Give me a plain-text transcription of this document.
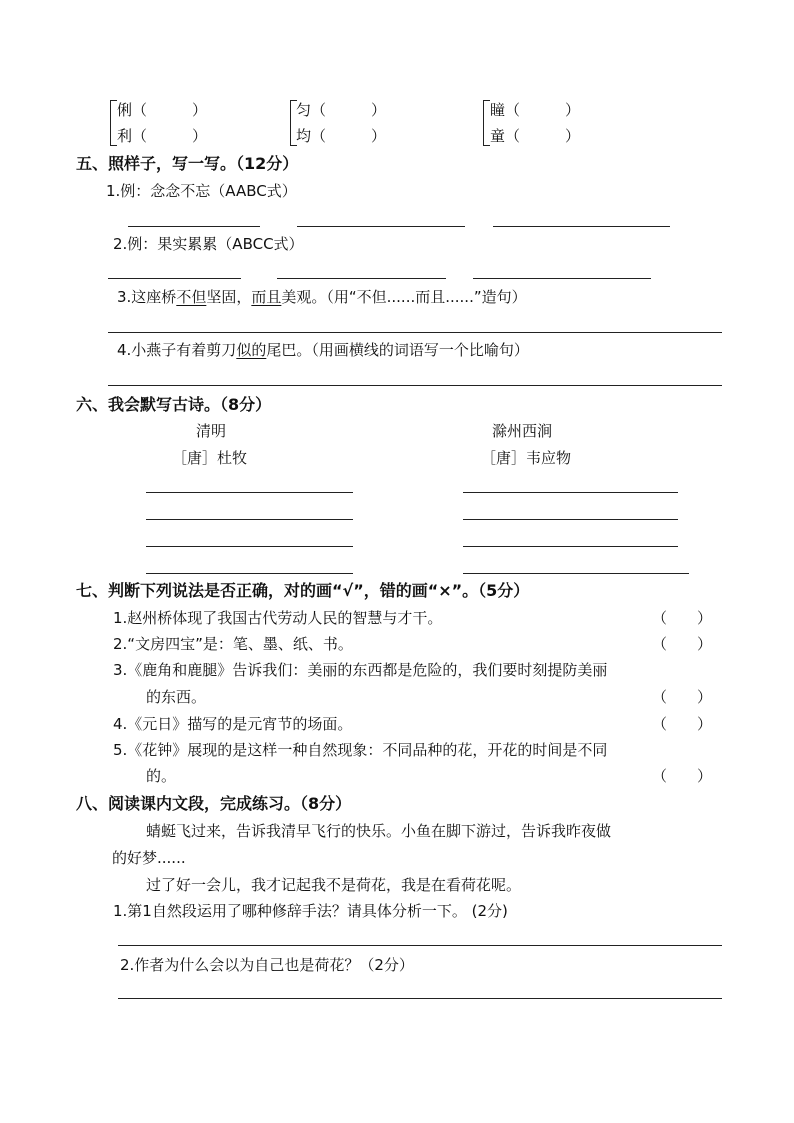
俐（　　　）
利（　　　）
匀（　　　）
均（　　　）
瞳（　　　）
童（　　　）
五、照样子，写一写。（12分）
1.例：念念不忘（AABC式）
2.例：果实累累（ABCC式）
3.这座桥不但坚固，而且美观。（用“不但......而且......”造句）
4.小燕子有着剪刀似的尾巴。（用画横线的词语写一个比喻句）
六、我会默写古诗。（8分）
清明
［唐］杜牧
滁州西涧
［唐］韦应物
七、判断下列说法是否正确，对的画“√”，错的画“×”。（5分）
1.赵州桥体现了我国古代劳动人民的智慧与才干。	（　　）
2.“文房四宝”是：笔、墨、纸、书。	（　　）
3.《鹿角和鹿腿》告诉我们：美丽的东西都是危险的，我们要时刻提防美丽
的东西。	（　　）
4.《元日》描写的是元宵节的场面。	（　　）
5.《花钟》展现的是这样一种自然现象：不同品种的花，开花的时间是不同
的。	（　　）
八、阅读课内文段，完成练习。（8分）
蜻蜓飞过来，告诉我清早飞行的快乐。小鱼在脚下游过，告诉我昨夜做
的好梦......
过了好一会儿，我才记起我不是荷花，我是在看荷花呢。
1.第1自然段运用了哪种修辞手法？请具体分析一下。 (2分)
2.作者为什么会以为自己也是荷花？（2分）
